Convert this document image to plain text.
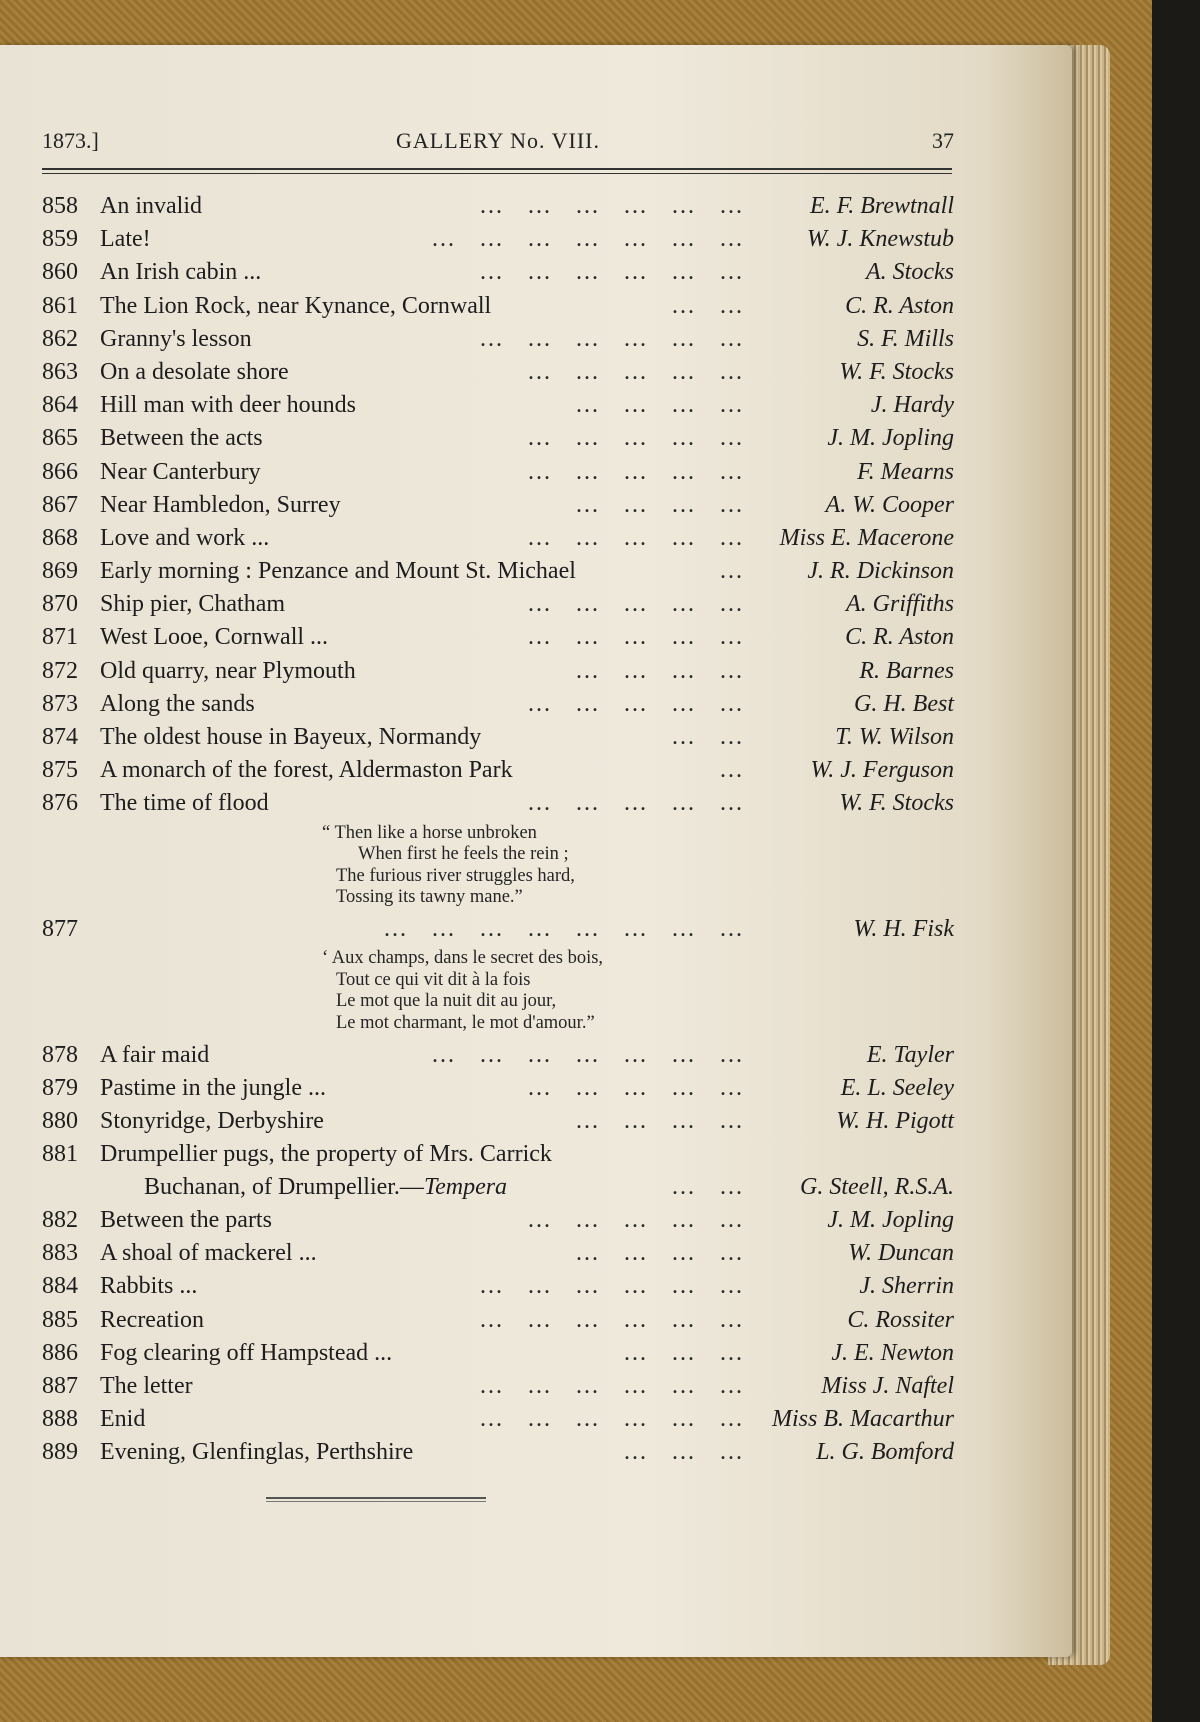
1873.]	GALLERY No. VIII.	37
858 An invalid	...   ...   ...   ...   ...   ...	E. F. Brewtnall
859 Late!	...   ...   ...   ...   ...   ...   ...	W. J. Knewstub
860 An Irish cabin ...	...   ...   ...   ...   ...   ...	A. Stocks
861 The Lion Rock, near Kynance, Cornwall	...   ...	C. R. Aston
862 Granny's lesson	...   ...   ...   ...   ...   ...	S. F. Mills
863 On a desolate shore	...   ...   ...   ...   ...	W. F. Stocks
864 Hill man with deer hounds	...   ...   ...   ...	J. Hardy
865 Between the acts	...   ...   ...   ...   ...	J. M. Jopling
866 Near Canterbury	...   ...   ...   ...   ...	F. Mearns
867 Near Hambledon, Surrey	...   ...   ...   ...	A. W. Cooper
868 Love and work ...	...   ...   ...   ...   ... Miss E. Macerone
869 Early morning : Penzance and Mount St. Michael	...	J. R. Dickinson
870 Ship pier, Chatham	...   ...   ...   ...   ...	A. Griffiths
871 West Looe, Cornwall ...	...   ...   ...   ...   ...	C. R. Aston
872 Old quarry, near Plymouth	...   ...   ...   ...	R. Barnes
873 Along the sands	...   ...   ...   ...   ...	G. H. Best
874 The oldest house in Bayeux, Normandy	...   ...	T. W. Wilson
875 A monarch of the forest, Aldermaston Park	...	W. J. Ferguson
876 The time of flood	...   ...   ...   ...   ...	W. F. Stocks
“ Then like a horse unbroken
When first he feels the rein ;
The furious river struggles hard,
Tossing its tawny mane.”
877	...   ...   ...   ...   ...   ...   ...   ...	W. H. Fisk
‘ Aux champs, dans le secret des bois,
Tout ce qui vit dit à la fois
Le mot que la nuit dit au jour,
Le mot charmant, le mot d'amour.”
878 A fair maid	...   ...   ...   ...   ...   ...   ...	E. Tayler
879 Pastime in the jungle ...	...   ...   ...   ...   ...	E. L. Seeley
880 Stonyridge, Derbyshire	...   ...   ...   ...	W. H. Pigott
881 Drumpellier pugs, the property of Mrs. Carrick
Buchanan, of Drumpellier.—Tempera	...   ... G. Steell, R.S.A.
882 Between the parts	...   ...   ...   ...   ...	J. M. Jopling
883 A shoal of mackerel ...	...   ...   ...   ...	W. Duncan
884 Rabbits ...	...   ...   ...   ...   ...   ...	J. Sherrin
885 Recreation	...   ...   ...   ...   ...   ...	C. Rossiter
886 Fog clearing off Hampstead ...	...   ...   ...	J. E. Newton
887 The letter	...   ...   ...   ...   ...   ...	Miss J. Naftel
888 Enid	...   ...   ...   ...   ...   ... Miss B. Macarthur
889 Evening, Glenfinglas, Perthshire	...   ...   ...	L. G. Bomford
